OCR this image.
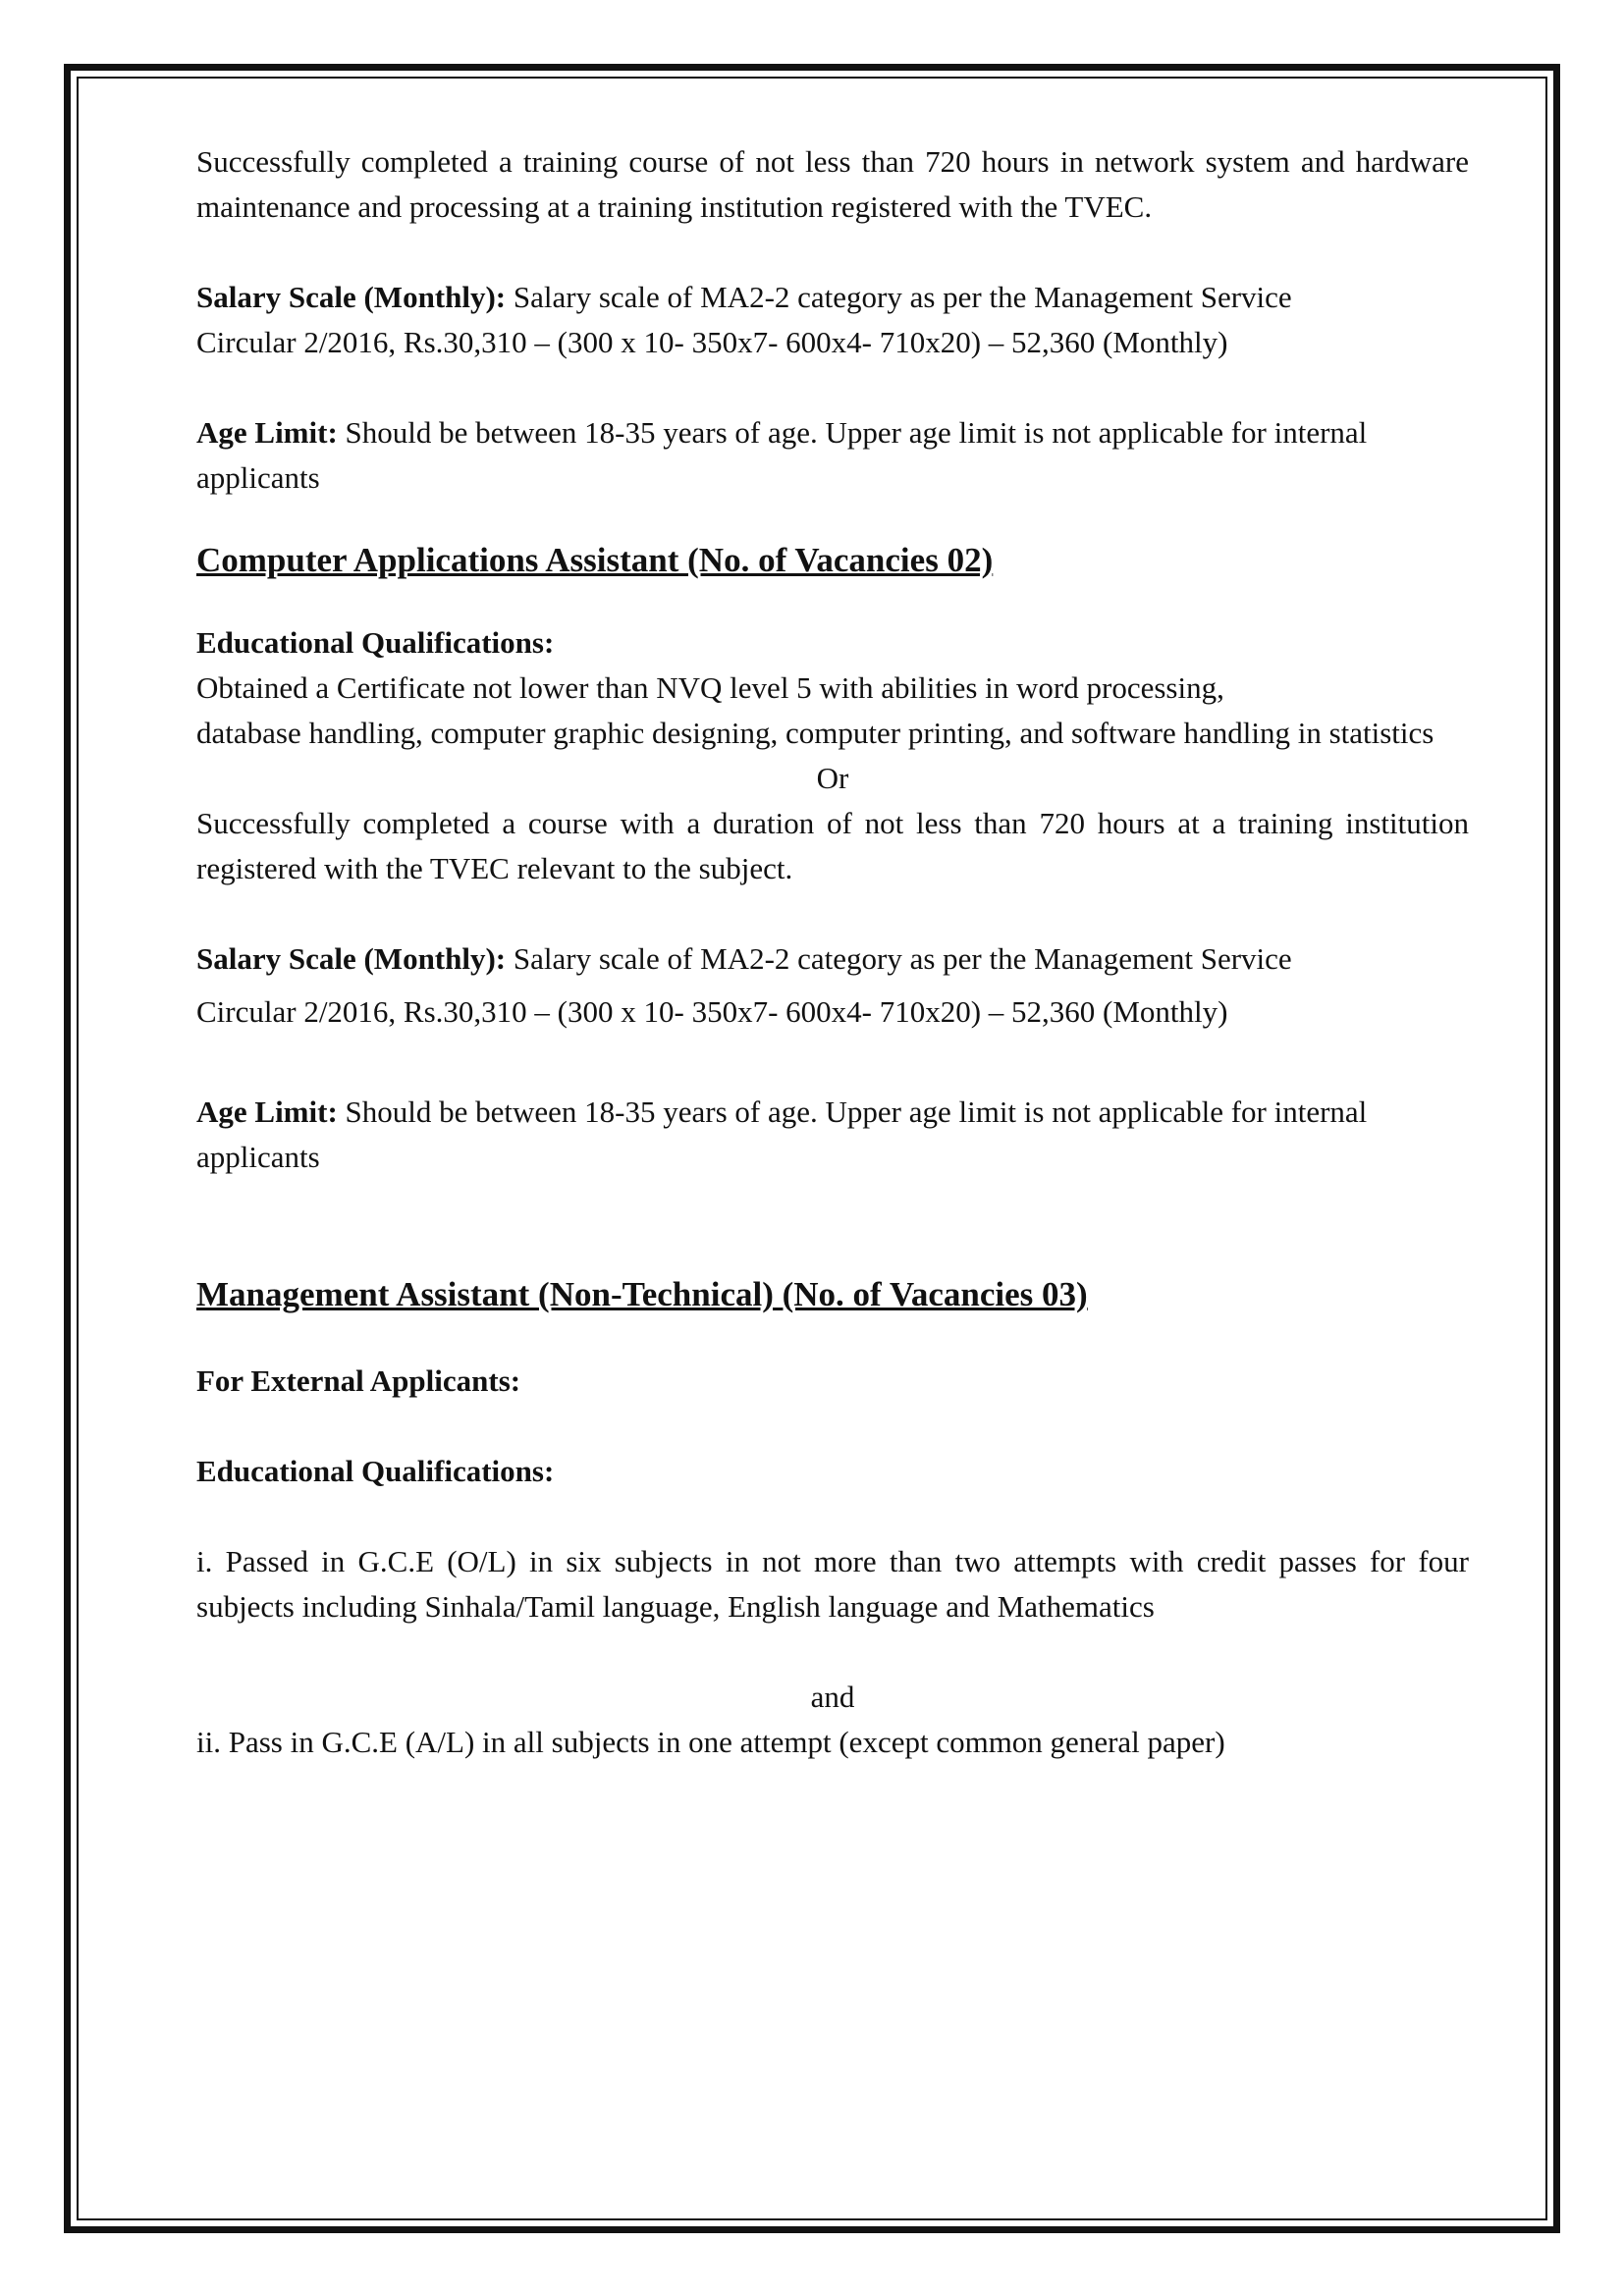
Successfully completed a training course of not less than 720 hours in network system and hardware maintenance and processing at a training institution registered with the TVEC.

Salary Scale (Monthly): Salary scale of MA2-2 category as per the Management Service
Circular 2/2016, Rs.30,310 – (300 x 10- 350x7- 600x4- 710x20) – 52,360 (Monthly)

Age Limit: Should be between 18-35 years of age. Upper age limit is not applicable for internal applicants

Computer Applications Assistant (No. of Vacancies 02)

Educational Qualifications:

Obtained a Certificate not lower than NVQ level 5 with abilities in word processing,

database handling, computer graphic designing, computer printing, and software handling in statistics

Or

Successfully completed a course with a duration of not less than 720 hours at a training institution registered with the TVEC relevant to the subject.

Salary Scale (Monthly): Salary scale of MA2-2 category as per the Management Service

Circular 2/2016, Rs.30,310 – (300 x 10- 350x7- 600x4- 710x20) – 52,360 (Monthly)

Age Limit: Should be between 18-35 years of age. Upper age limit is not applicable for internal applicants

Management Assistant (Non-Technical) (No. of Vacancies 03)

For External Applicants:

Educational Qualifications:

i. Passed in G.C.E (O/L) in six subjects in not more than two attempts with credit passes for four subjects including Sinhala/Tamil language, English language and Mathematics

and

ii. Pass in G.C.E (A/L) in all subjects in one attempt (except common general paper)
